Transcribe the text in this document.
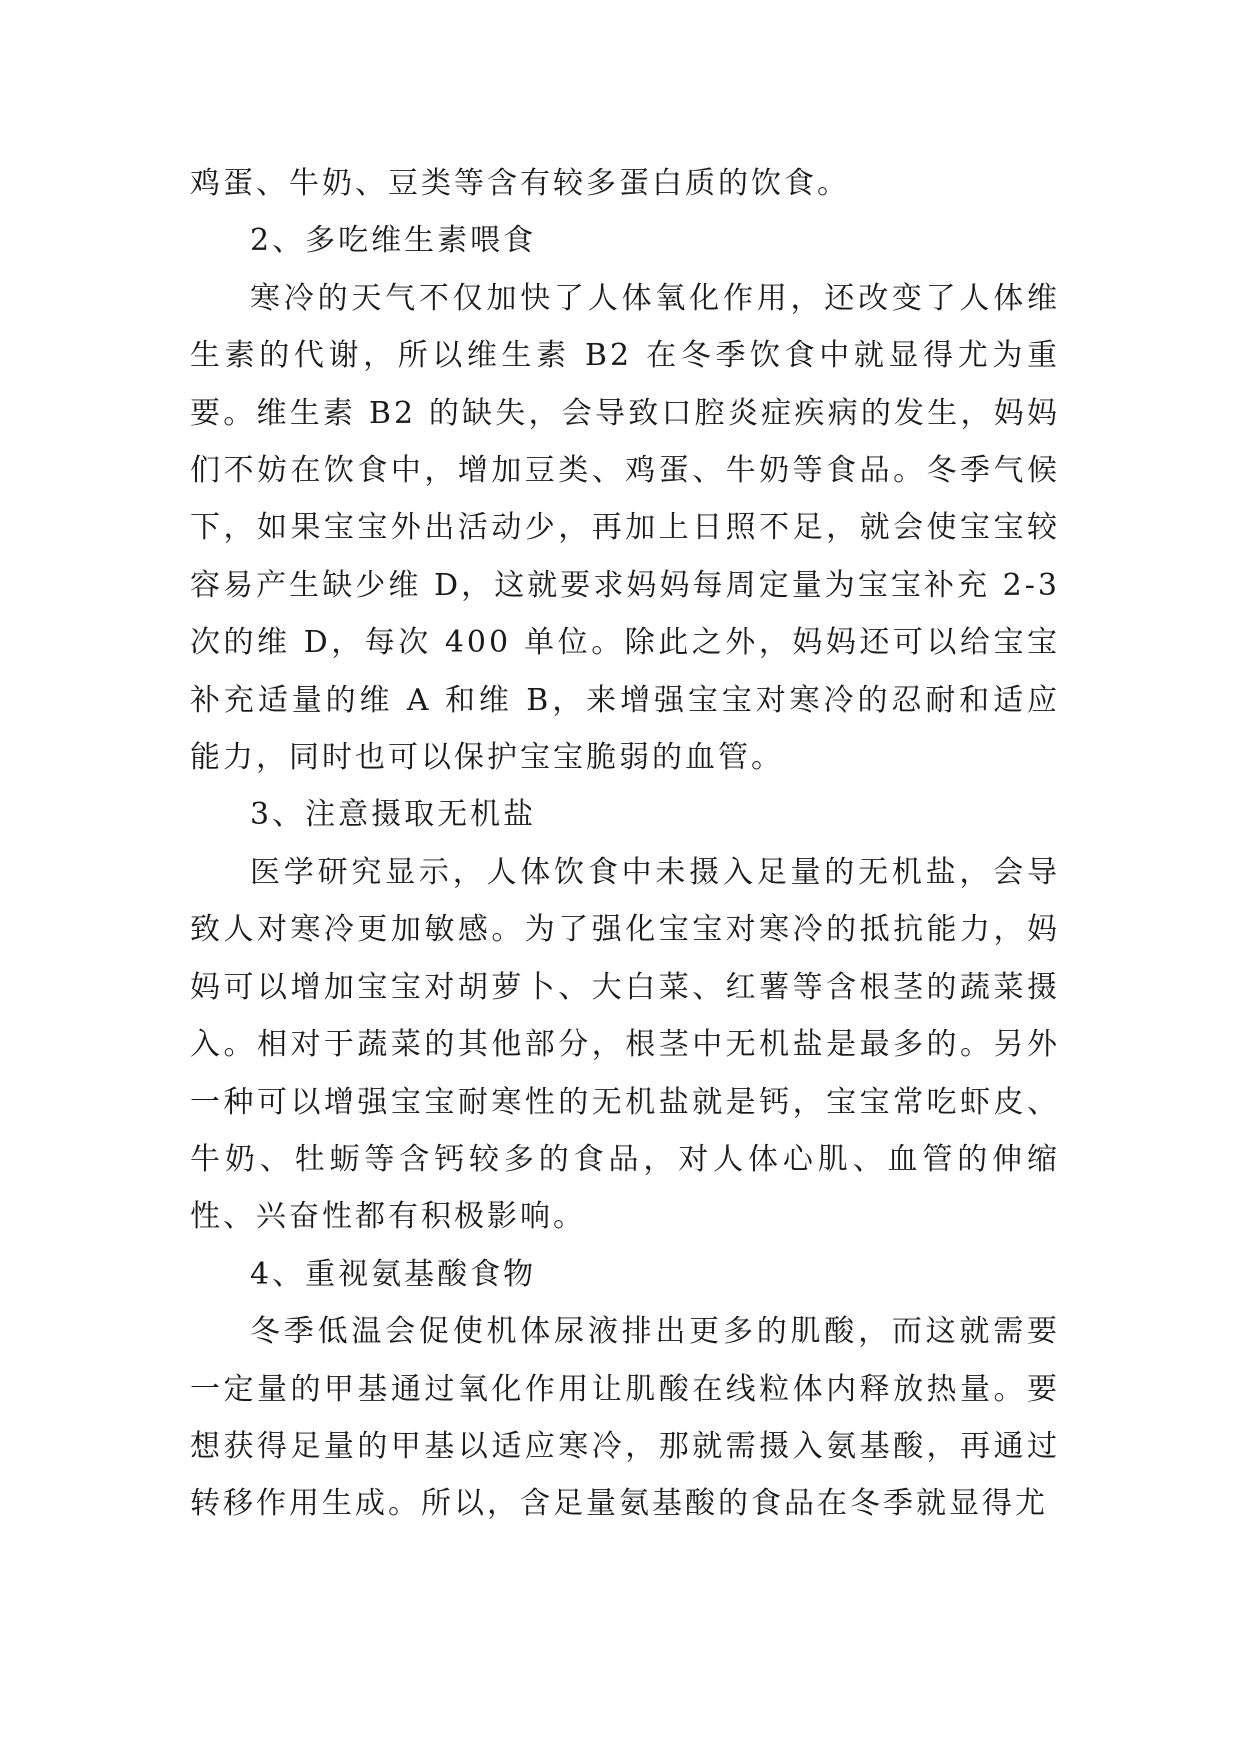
鸡蛋、牛奶、豆类等含有较多蛋白质的饮食。

2、多吃维生素喂食

寒冷的天气不仅加快了人体氧化作用，还改变了人体维生素的代谢，所以维生素 B2 在冬季饮食中就显得尤为重要。维生素 B2 的缺失，会导致口腔炎症疾病的发生，妈妈们不妨在饮食中，增加豆类、鸡蛋、牛奶等食品。冬季气候下，如果宝宝外出活动少，再加上日照不足，就会使宝宝较容易产生缺少维 D，这就要求妈妈每周定量为宝宝补充 2-3 次的维 D，每次 400 单位。除此之外，妈妈还可以给宝宝补充适量的维 A 和维 B，来增强宝宝对寒冷的忍耐和适应能力，同时也可以保护宝宝脆弱的血管。

3、注意摄取无机盐

医学研究显示，人体饮食中未摄入足量的无机盐，会导致人对寒冷更加敏感。为了强化宝宝对寒冷的抵抗能力，妈妈可以增加宝宝对胡萝卜、大白菜、红薯等含根茎的蔬菜摄入。相对于蔬菜的其他部分，根茎中无机盐是最多的。另外一种可以增强宝宝耐寒性的无机盐就是钙，宝宝常吃虾皮、牛奶、牡蛎等含钙较多的食品，对人体心肌、血管的伸缩性、兴奋性都有积极影响。

4、重视氨基酸食物

冬季低温会促使机体尿液排出更多的肌酸，而这就需要一定量的甲基通过氧化作用让肌酸在线粒体内释放热量。要想获得足量的甲基以适应寒冷，那就需摄入氨基酸，再通过转移作用生成。所以，含足量氨基酸的食品在冬季就显得尤
